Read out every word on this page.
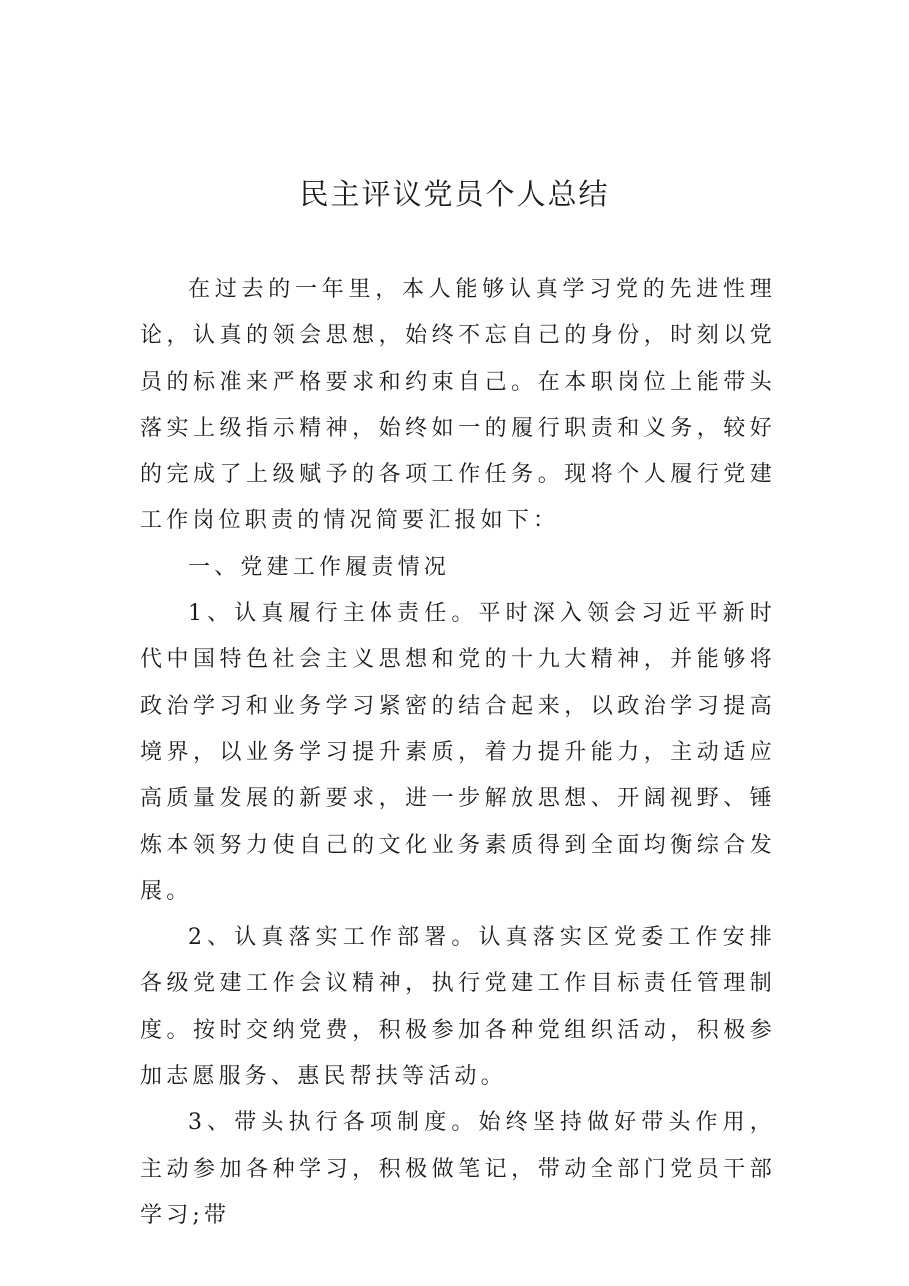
民主评议党员个人总结

在过去的一年里，本人能够认真学习党的先进性理论，认真的领会思想，始终不忘自己的身份，时刻以党员的标准来严格要求和约束自己。在本职岗位上能带头落实上级指示精神，始终如一的履行职责和义务，较好的完成了上级赋予的各项工作任务。现将个人履行党建工作岗位职责的情况简要汇报如下：

一、党建工作履责情况

1、认真履行主体责任。平时深入领会习近平新时代中国特色社会主义思想和党的十九大精神，并能够将政治学习和业务学习紧密的结合起来，以政治学习提高境界，以业务学习提升素质，着力提升能力，主动适应高质量发展的新要求，进一步解放思想、开阔视野、锤炼本领努力使自己的文化业务素质得到全面均衡综合发展。

2、认真落实工作部署。认真落实区党委工作安排各级党建工作会议精神，执行党建工作目标责任管理制度。按时交纳党费，积极参加各种党组织活动，积极参加志愿服务、惠民帮扶等活动。

3、带头执行各项制度。始终坚持做好带头作用，主动参加各种学习，积极做笔记，带动全部门党员干部学习;带
